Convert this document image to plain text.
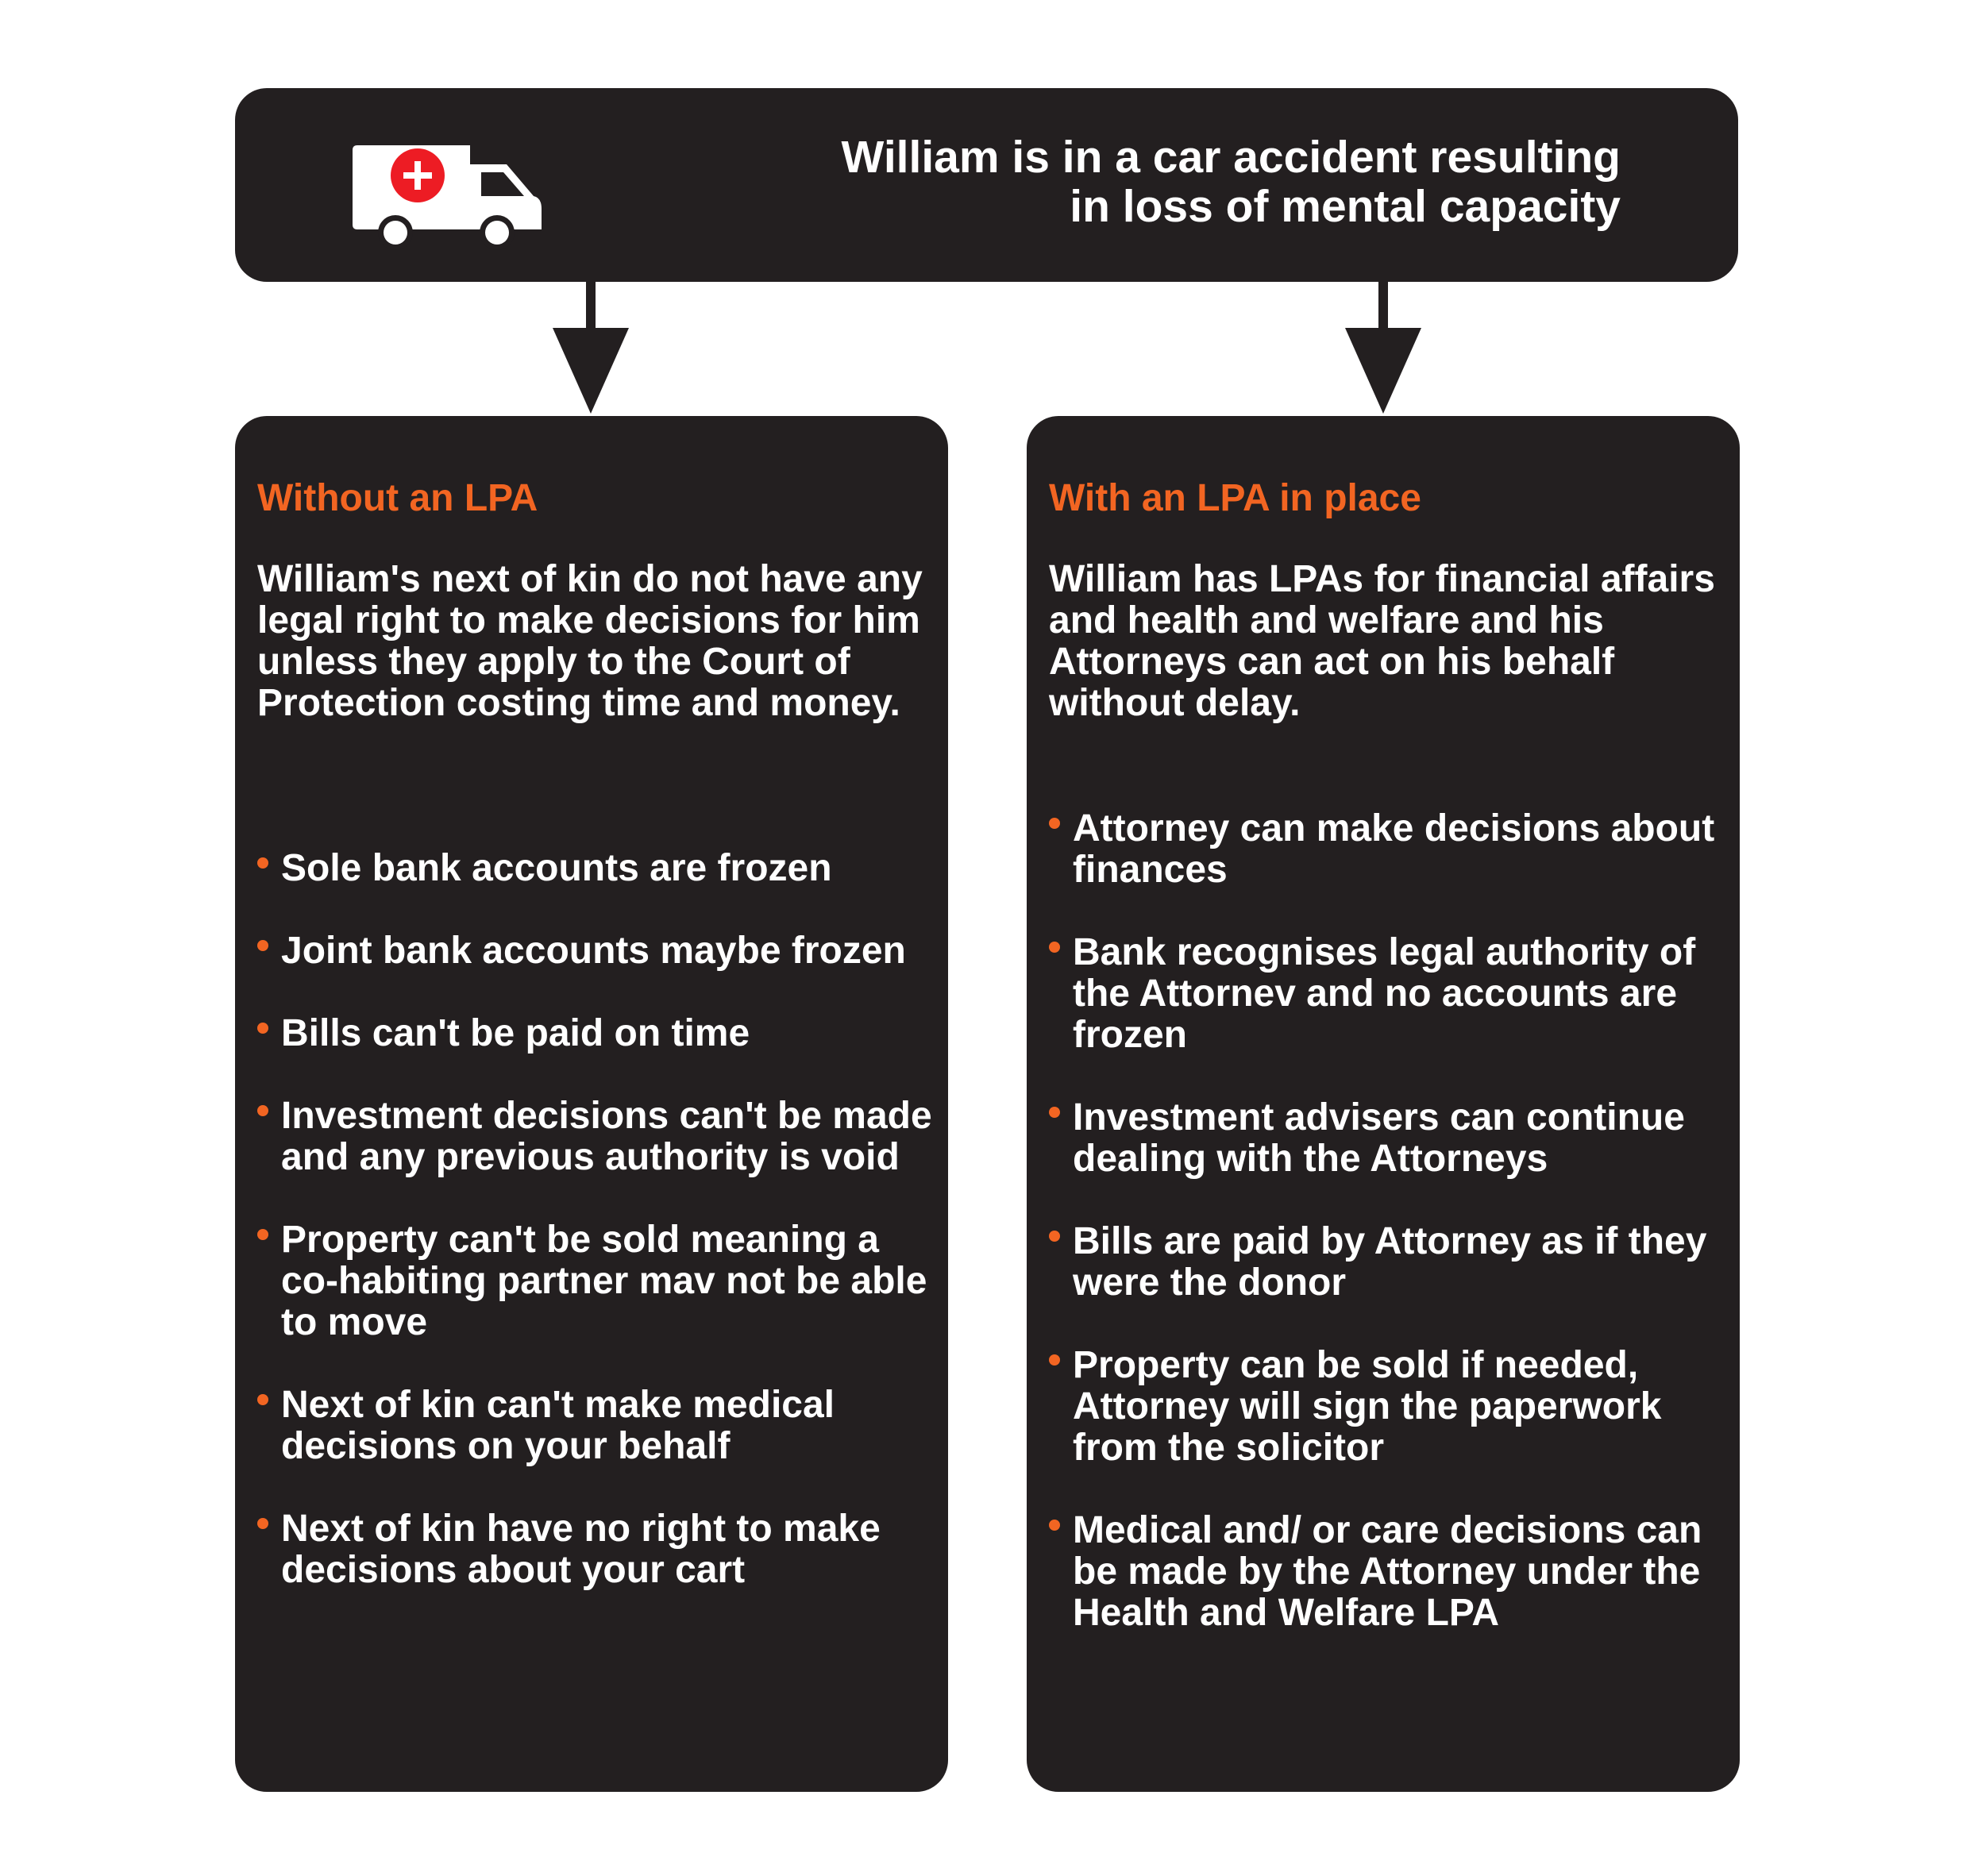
William is in a car accident resulting
in loss of mental capacity
Without an LPA

William's next of kin do not have any legal right to make decisions for him unless they apply to the Court of Protection costing time and money.

Sole bank accounts are frozen
Joint bank accounts maybe frozen
Bills can't be paid on time
Investment decisions can't be made and any previous authority is void
Property can't be sold meaning a co-habiting partner mav not be able to move
Next of kin can't make medical decisions on your behalf
Next of kin have no right to make decisions about your cart
With an LPA in place

William has LPAs for financial affairs and health and welfare and his Attorneys can act on his behalf without delay.

Attorney can make decisions about finances
Bank recognises legal authority of the Attornev and no accounts are frozen
Investment advisers can continue dealing with the Attorneys
Bills are paid by Attorney as if they were the donor
Property can be sold if needed, Attorney will sign the paperwork from the solicitor
Medical and/ or care decisions can be made by the Attorney under the Health and Welfare LPA
